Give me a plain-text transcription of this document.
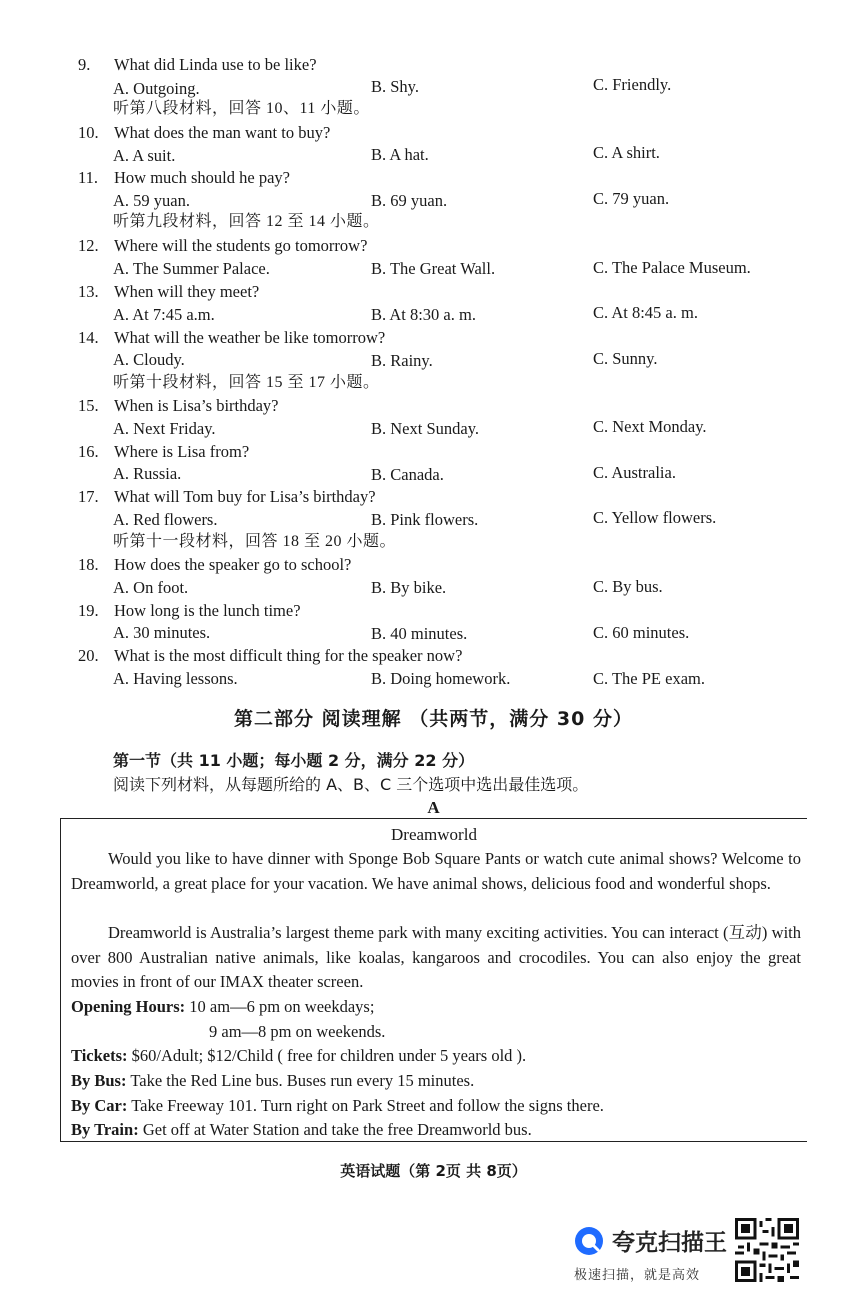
9. What did Linda use to be like?
A. Outgoing.	B. Shy.	C. Friendly.
听第八段材料，回答 10、11 小题。
10. What does the man want to buy?
A. A suit.	B. A hat.	C. A shirt.
11. How much should he pay?
A. 59 yuan.	B. 69 yuan.	C. 79 yuan.
听第九段材料，回答 12 至 14 小题。
12. Where will the students go tomorrow?
A. The Summer Palace.	B. The Great Wall.	C. The Palace Museum.
13. When will they meet?
A. At 7:45 a.m.	B. At 8:30 a. m.	C. At 8:45 a. m.
14. What will the weather be like tomorrow?
A. Cloudy.	B. Rainy.	C. Sunny.
听第十段材料，回答 15 至 17 小题。
15. When is Lisa’s birthday?
A. Next Friday.	B. Next Sunday.	C. Next Monday.
16. Where is Lisa from?
A. Russia.	B. Canada.	C. Australia.
17. What will Tom buy for Lisa’s birthday?
A. Red flowers.	B. Pink flowers.	C. Yellow flowers.
听第十一段材料，回答 18 至 20 小题。
18. How does the speaker go to school?
A. On foot.	B. By bike.	C. By bus.
19. How long is the lunch time?
A. 30 minutes.	B. 40 minutes.	C. 60 minutes.
20. What is the most difficult thing for the speaker now?
A. Having lessons.	B. Doing homework.	C. The PE exam.
第二部分 阅读理解 （共两节，满分 30 分）
第一节（共 11 小题；每小题 2 分，满分 22 分）
阅读下列材料，从每题所给的 A、B、C 三个选项中选出最佳选项。
A
Dreamworld
Would you like to have dinner with Sponge Bob Square Pants or watch cute animal shows? Welcome to Dreamworld, a great place for your vacation. We have animal shows, delicious food and wonderful shops.
Dreamworld is Australia’s largest theme park with many exciting activities. You can interact (互动) with over 800 Australian native animals, like koalas, kangaroos and crocodiles. You can also enjoy the great movies in front of our IMAX theater screen.
Opening Hours: 10 am—6 pm on weekdays;
9 am—8 pm on weekends.
Tickets: $60/Adult; $12/Child ( free for children under 5 years old ).
By Bus: Take the Red Line bus. Buses run every 15 minutes.
By Car: Take Freeway 101. Turn right on Park Street and follow the signs there.
By Train: Get off at Water Station and take the free Dreamworld bus.
英语试题（第 2页 共 8页）
夸克扫描王
极速扫描，就是高效
